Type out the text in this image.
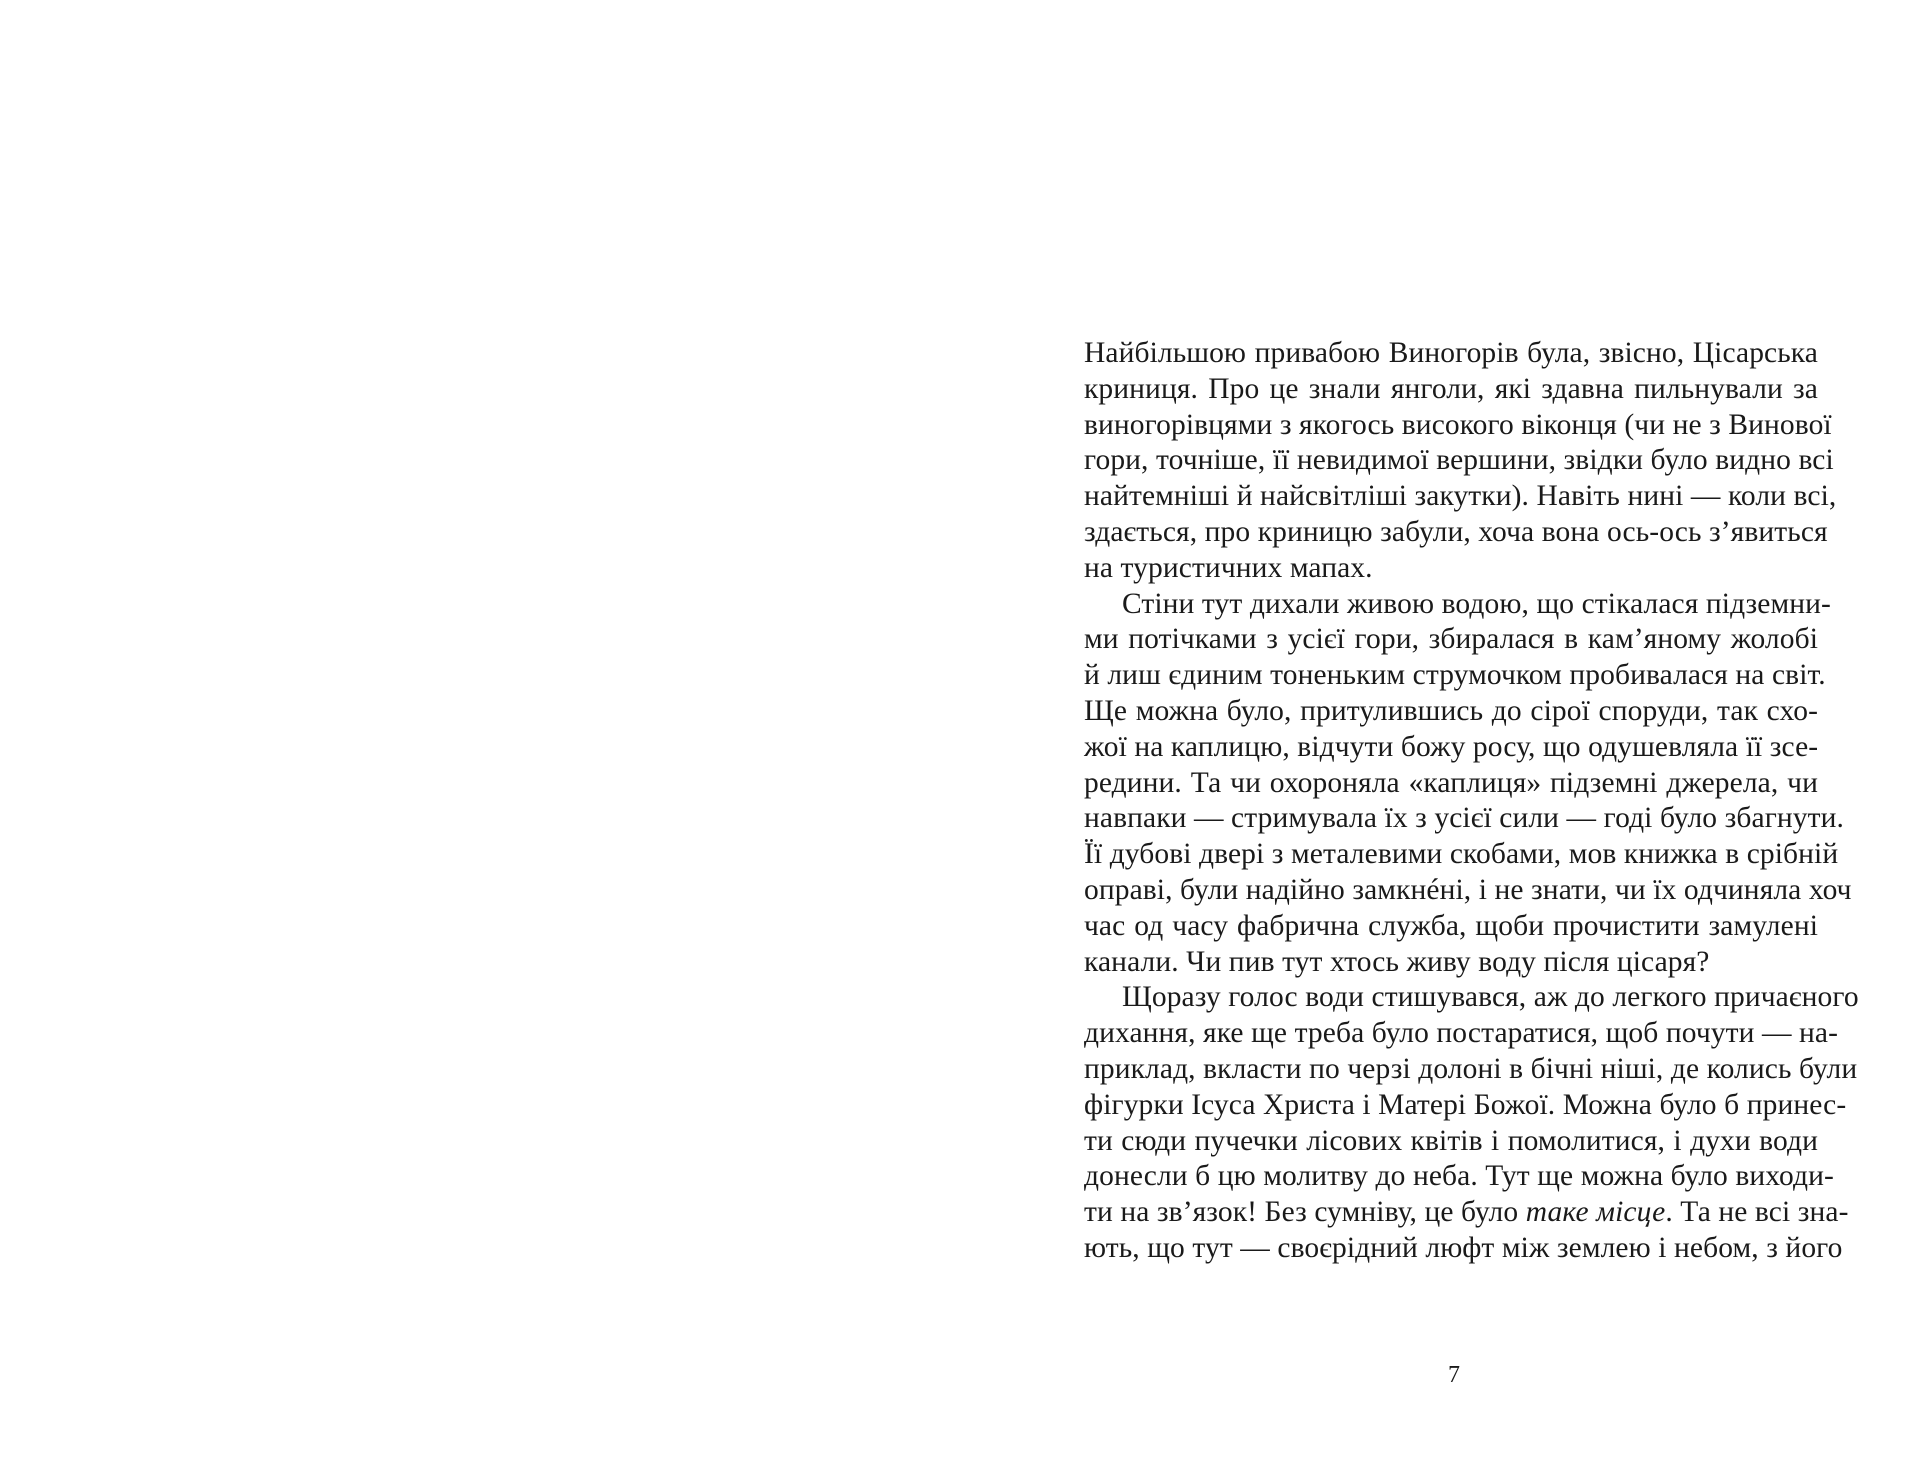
Найбільшою привабою Виногорів була, звісно, Цісарська
криниця. Про це знали янголи, які здавна пильнували за
виногорівцями з якогось високого віконця (чи не з Винової
гори, точніше, її невидимої вершини, звідки було видно всі
найтемніші й найсвітліші закутки). Навіть нині — коли всі,
здається, про криницю забули, хоча вона ось-ось з’явиться
на туристичних мапах.

Стіни тут дихали живою водою, що стікалася підземни-
ми потічками з усієї гори, збиралася в кам’яному жолобі
й лиш єдиним тоненьким струмочком пробивалася на світ.
Ще можна було, притулившись до сірої споруди, так схо-
жої на каплицю, відчути божу росу, що одушевляла її зсе-
редини. Та чи охороняла «каплиця» підземні джерела, чи
навпаки — стримувала їх з усієї сили — годі було збагнути.
Її дубові двері з металевими скобами, мов книжка в срібній
оправі, були надійно замкнéні, і не знати, чи їх одчиняла хоч
час од часу фабрична служба, щоби прочистити замулені
канали. Чи пив тут хтось живу воду після цісаря?

Щоразу голос води стишувався, аж до легкого причаєного
дихання, яке ще треба було постаратися, щоб почути — на-
приклад, вкласти по черзі долоні в бічні ніші, де колись були
фігурки Ісуса Христа і Матері Божої. Можна було б принес-
ти сюди пучечки лісових квітів і помолитися, і духи води
донесли б цю молитву до неба. Тут ще можна було виходи-
ти на зв’язок! Без сумніву, це було таке місце. Та не всі зна-
ють, що тут — своєрідний люфт між землею і небом, з його

7
